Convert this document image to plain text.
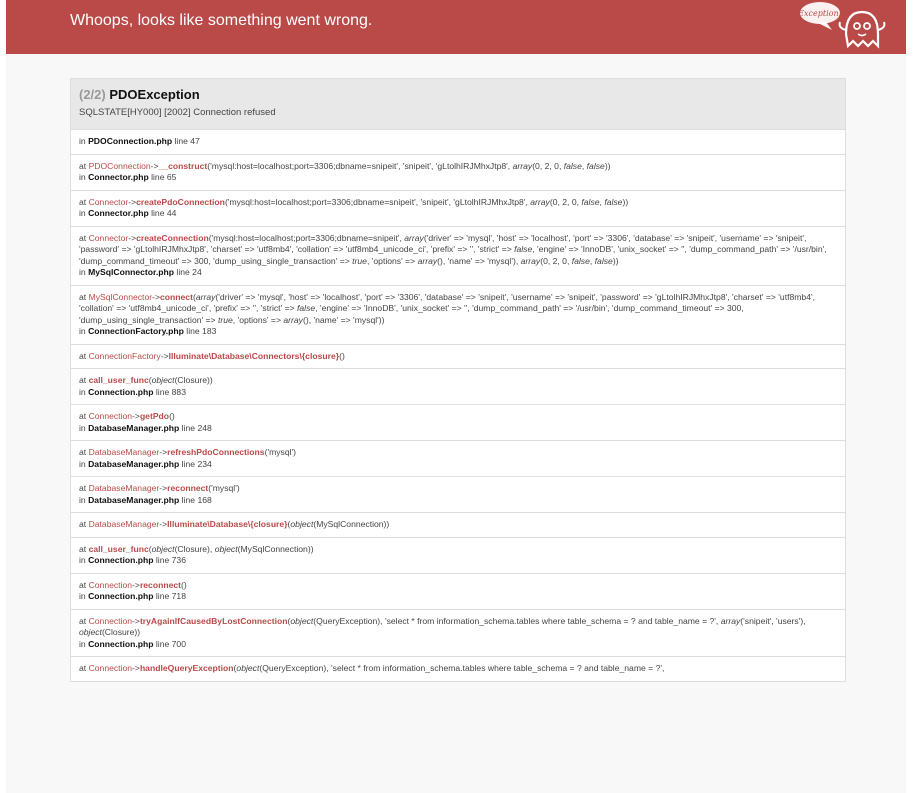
Whoops, looks like something went wrong.	Exception!
(2/2) PDOException
SQLSTATE[HY000] [2002] Connection refused
in PDOConnection.php line 47
at PDOConnection->__construct('mysql:host=localhost;port=3306;dbname=snipeit', 'snipeit', 'gLtolhIRJMhxJtp8', array(0, 2, 0, false, false))
in Connector.php line 65
at Connector->createPdoConnection('mysql:host=localhost;port=3306;dbname=snipeit', 'snipeit', 'gLtolhIRJMhxJtp8', array(0, 2, 0, false, false))
in Connector.php line 44
at Connector->createConnection('mysql:host=localhost;port=3306;dbname=snipeit', array('driver' => 'mysql', 'host' => 'localhost', 'port' => '3306', 'database' => 'snipeit', 'username' => 'snipeit', 'password' => 'gLtolhIRJMhxJtp8', 'charset' => 'utf8mb4', 'collation' => 'utf8mb4_unicode_ci', 'prefix' => '', 'strict' => false, 'engine' => 'InnoDB', 'unix_socket' => '', 'dump_command_path' => '/usr/bin', 'dump_command_timeout' => 300, 'dump_using_single_transaction' => true, 'options' => array(), 'name' => 'mysql'), array(0, 2, 0, false, false))
in MySqlConnector.php line 24
at MySqlConnector->connect(array('driver' => 'mysql', 'host' => 'localhost', 'port' => '3306', 'database' => 'snipeit', 'username' => 'snipeit', 'password' => 'gLtolhIRJMhxJtp8', 'charset' => 'utf8mb4', 'collation' => 'utf8mb4_unicode_ci', 'prefix' => '', 'strict' => false, 'engine' => 'InnoDB', 'unix_socket' => '', 'dump_command_path' => '/usr/bin', 'dump_command_timeout' => 300, 'dump_using_single_transaction' => true, 'options' => array(), 'name' => 'mysql'))
in ConnectionFactory.php line 183
at ConnectionFactory->Illuminate\Database\Connectors\{closure}()
at call_user_func(object(Closure))
in Connection.php line 883
at Connection->getPdo()
in DatabaseManager.php line 248
at DatabaseManager->refreshPdoConnections('mysql')
in DatabaseManager.php line 234
at DatabaseManager->reconnect('mysql')
in DatabaseManager.php line 168
at DatabaseManager->Illuminate\Database\{closure}(object(MySqlConnection))
at call_user_func(object(Closure), object(MySqlConnection))
in Connection.php line 736
at Connection->reconnect()
in Connection.php line 718
at Connection->tryAgainIfCausedByLostConnection(object(QueryException), 'select * from information_schema.tables where table_schema = ? and table_name = ?', array('snipeit', 'users'), object(Closure))
in Connection.php line 700
at Connection->handleQueryException(object(QueryException), 'select * from information_schema.tables where table_schema = ? and table_name = ?',
